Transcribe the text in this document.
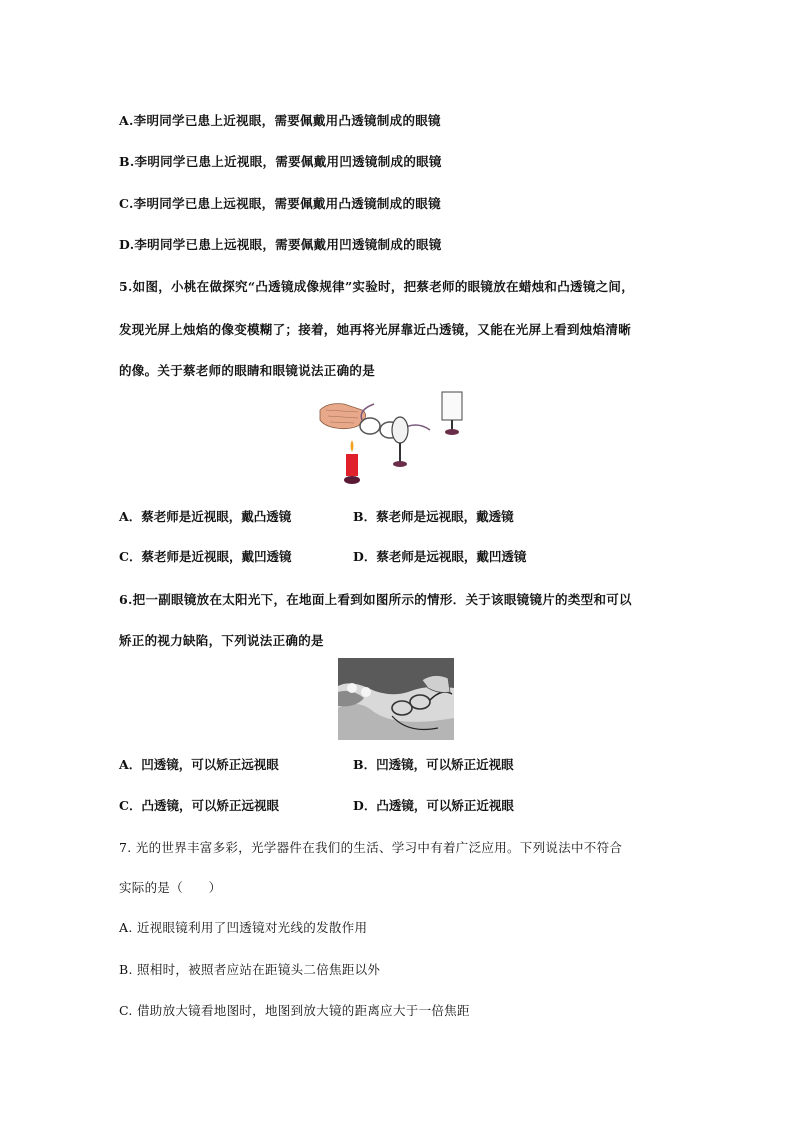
A.李明同学已患上近视眼，需要佩戴用凸透镜制成的眼镜
B.李明同学已患上近视眼，需要佩戴用凹透镜制成的眼镜
C.李明同学已患上远视眼，需要佩戴用凸透镜制成的眼镜
D.李明同学已患上远视眼，需要佩戴用凹透镜制成的眼镜
5.如图，小桃在做探究“凸透镜成像规律”实验时，把蔡老师的眼镜放在蜡烛和凸透镜之间，
发现光屏上烛焰的像变模糊了；接着，她再将光屏靠近凸透镜，又能在光屏上看到烛焰清晰
的像。关于蔡老师的眼睛和眼镜说法正确的是
A．蔡老师是近视眼，戴凸透镜	B．蔡老师是远视眼，戴透镜
C．蔡老师是近视眼，戴凹透镜	D．蔡老师是远视眼，戴凹透镜
6.把一副眼镜放在太阳光下，在地面上看到如图所示的情形．关于该眼镜镜片的类型和可以
矫正的视力缺陷，下列说法正确的是
A．凹透镜，可以矫正远视眼	B．凹透镜，可以矫正近视眼
C．凸透镜，可以矫正远视眼	D．凸透镜，可以矫正近视眼
7. 光的世界丰富多彩，光学器件在我们的生活、学习中有着广泛应用。下列说法中不符合
实际的是（　　）
A. 近视眼镜利用了凹透镜对光线的发散作用
B. 照相时，被照者应站在距镜头二倍焦距以外
C. 借助放大镜看地图时，地图到放大镜的距离应大于一倍焦距
